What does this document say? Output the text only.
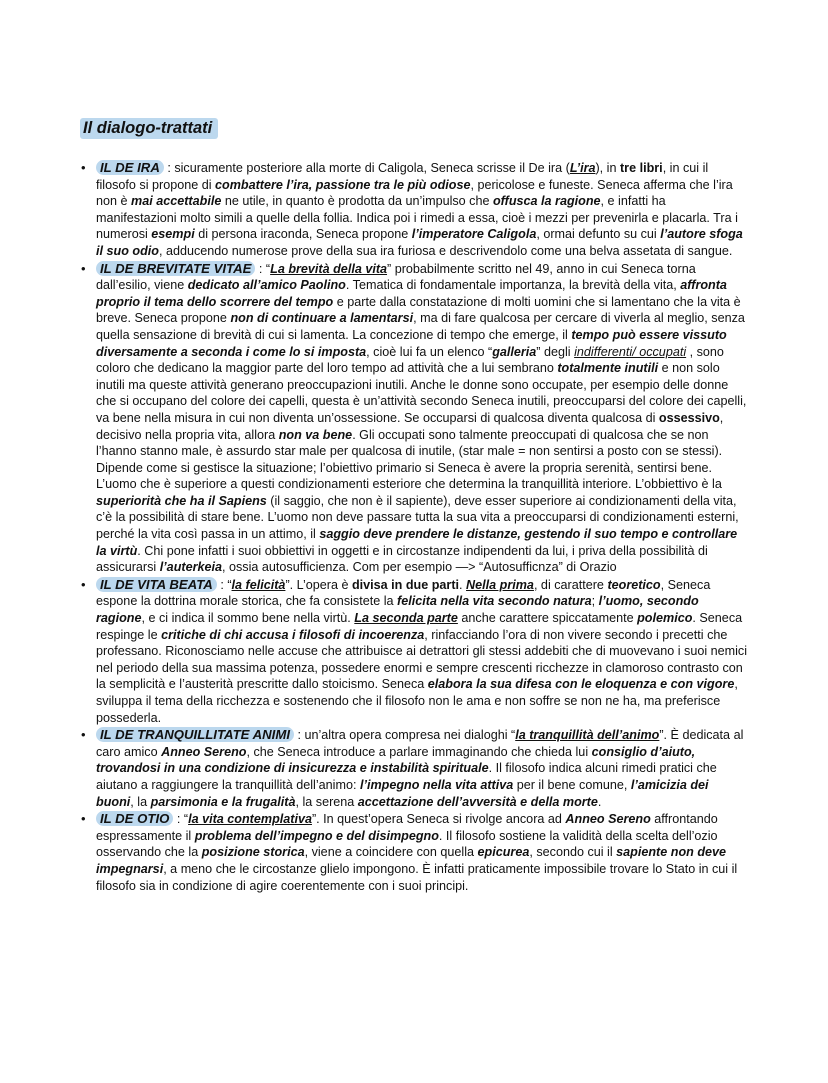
Il dialogo-trattati
• IL DE IRA : sicuramente posteriore alla morte di Caligola, Seneca scrisse il De ira (L’ira), in tre libri, in cui il filosofo si propone di combattere l’ira, passione tra le più odiose, pericolose e funeste. Seneca afferma che l’ira non è mai accettabile ne utile, in quanto è prodotta da un’impulso che offusca la ragione, e infatti ha manifestazioni molto simili a quelle della follia. Indica poi i rimedi a essa, cioè i mezzi per prevenirla e placarla. Tra i numerosi esempi di persona iraconda, Seneca propone l’imperatore Caligola, ormai defunto su cui l’autore sfoga il suo odio, adducendo numerose prove della sua ira furiosa e descrivendolo come una belva assetata di sangue.
• IL DE BREVITATE VITAE : “La brevità della vita” probabilmente scritto nel 49, anno in cui Seneca torna dall’esilio, viene dedicato all’amico Paolino. Tematica di fondamentale importanza, la brevità della vita, affronta proprio il tema dello scorrere del tempo e parte dalla constatazione di molti uomini che si lamentano che la vita è breve. Seneca propone non di continuare a lamentarsi, ma di fare qualcosa per cercare di viverla al meglio, senza quella sensazione di brevità di cui si lamenta. La concezione di tempo che emerge, il tempo può essere vissuto diversamente a seconda i come lo si imposta, cioè lui fa un elenco “galleria” degli indifferenti/ occupati , sono coloro che dedicano la maggior parte del loro tempo ad attività che a lui sembrano totalmente inutili e non solo inutili ma queste attività generano preoccupazioni inutili. Anche le donne sono occupate, per esempio delle donne che si occupano del colore dei capelli, questa è un’attività secondo Seneca inutili, preoccuparsi del colore dei capelli, va bene nella misura in cui non diventa un’ossessione. Se occuparsi di qualcosa diventa qualcosa di ossessivo, decisivo nella propria vita, allora non va bene. Gli occupati sono talmente preoccupati di qualcosa che se non l’hanno stanno male, è assurdo star male per qualcosa di inutile, (star male = non sentirsi a posto con se stessi). Dipende come si gestisce la situazione; l’obiettivo primario si Seneca è avere la propria serenità, sentirsi bene. L’uomo che è superiore a questi condizionamenti esteriore che determina la tranquillità interiore. L’obbiettivo è la superiorità che ha il Sapiens (il saggio, che non è il sapiente), deve esser superiore ai condizionamenti della vita, c’è la possibilità di stare bene. L’uomo non deve passare tutta la sua vita a preoccuparsi di condizionamenti esterni, perché la vita così passa in un attimo, il saggio deve prendere le distanze, gestendo il suo tempo e controllare la virtù. Chi pone infatti i suoi obbiettivi in oggetti e in circostanze indipendenti da lui, i priva della possibilità di assicurarsi l’auterkeia, ossia autosufficienza. Com per esempio —> “Autosufficnza” di Orazio
• IL DE VITA BEATA : “la felicità”. L’opera è divisa in due parti. Nella prima, di carattere teoretico, Seneca espone la dottrina morale storica, che fa consistete la felicita nella vita secondo natura; l’uomo, secondo ragione, e ci indica il sommo bene nella virtù. La seconda parte anche carattere spiccatamente polemico. Seneca respinge le critiche di chi accusa i filosofi di incoerenza, rinfacciando l’ora di non vivere secondo i precetti che professano. Riconosciamo nelle accuse che attribuisce ai detrattori gli stessi addebiti che di muovevano i suoi nemici nel periodo della sua massima potenza, possedere enormi e sempre crescenti ricchezze in clamoroso contrasto con la semplicità e l’austerità prescritte dallo stoicismo. Seneca elabora la sua difesa con le eloquenza e con vigore, sviluppa il tema della ricchezza e sostenendo che il filosofo non le ama e non soffre se non ne ha, ma preferisce possederla.
• IL DE TRANQUILLITATE ANIMI : un’altra opera compresa nei dialoghi “la tranquillità dell’animo”. È dedicata al caro amico Anneo Sereno, che Seneca introduce a parlare immaginando che chieda lui consiglio d’aiuto, trovandosi in una condizione di insicurezza e instabilità spirituale. Il filosofo indica alcuni rimedi pratici che aiutano a raggiungere la tranquillità dell’animo: l’impegno nella vita attiva per il bene comune, l’amicizia dei buoni, la parsimonia e la frugalità, la serena accettazione dell’avversità e della morte.
• IL DE OTIO : “la vita contemplativa”. In quest’opera Seneca si rivolge ancora ad Anneo Sereno affrontando espressamente il problema dell’impegno e del disimpegno. Il filosofo sostiene la validità della scelta dell’ozio osservando che la posizione storica, viene a coincidere con quella epicurea, secondo cui il sapiente non deve impegnarsi, a meno che le circostanze glielo impongono. È infatti praticamente impossibile trovare lo Stato in cui il filosofo sia in condizione di agire coerentemente con i suoi principi.
